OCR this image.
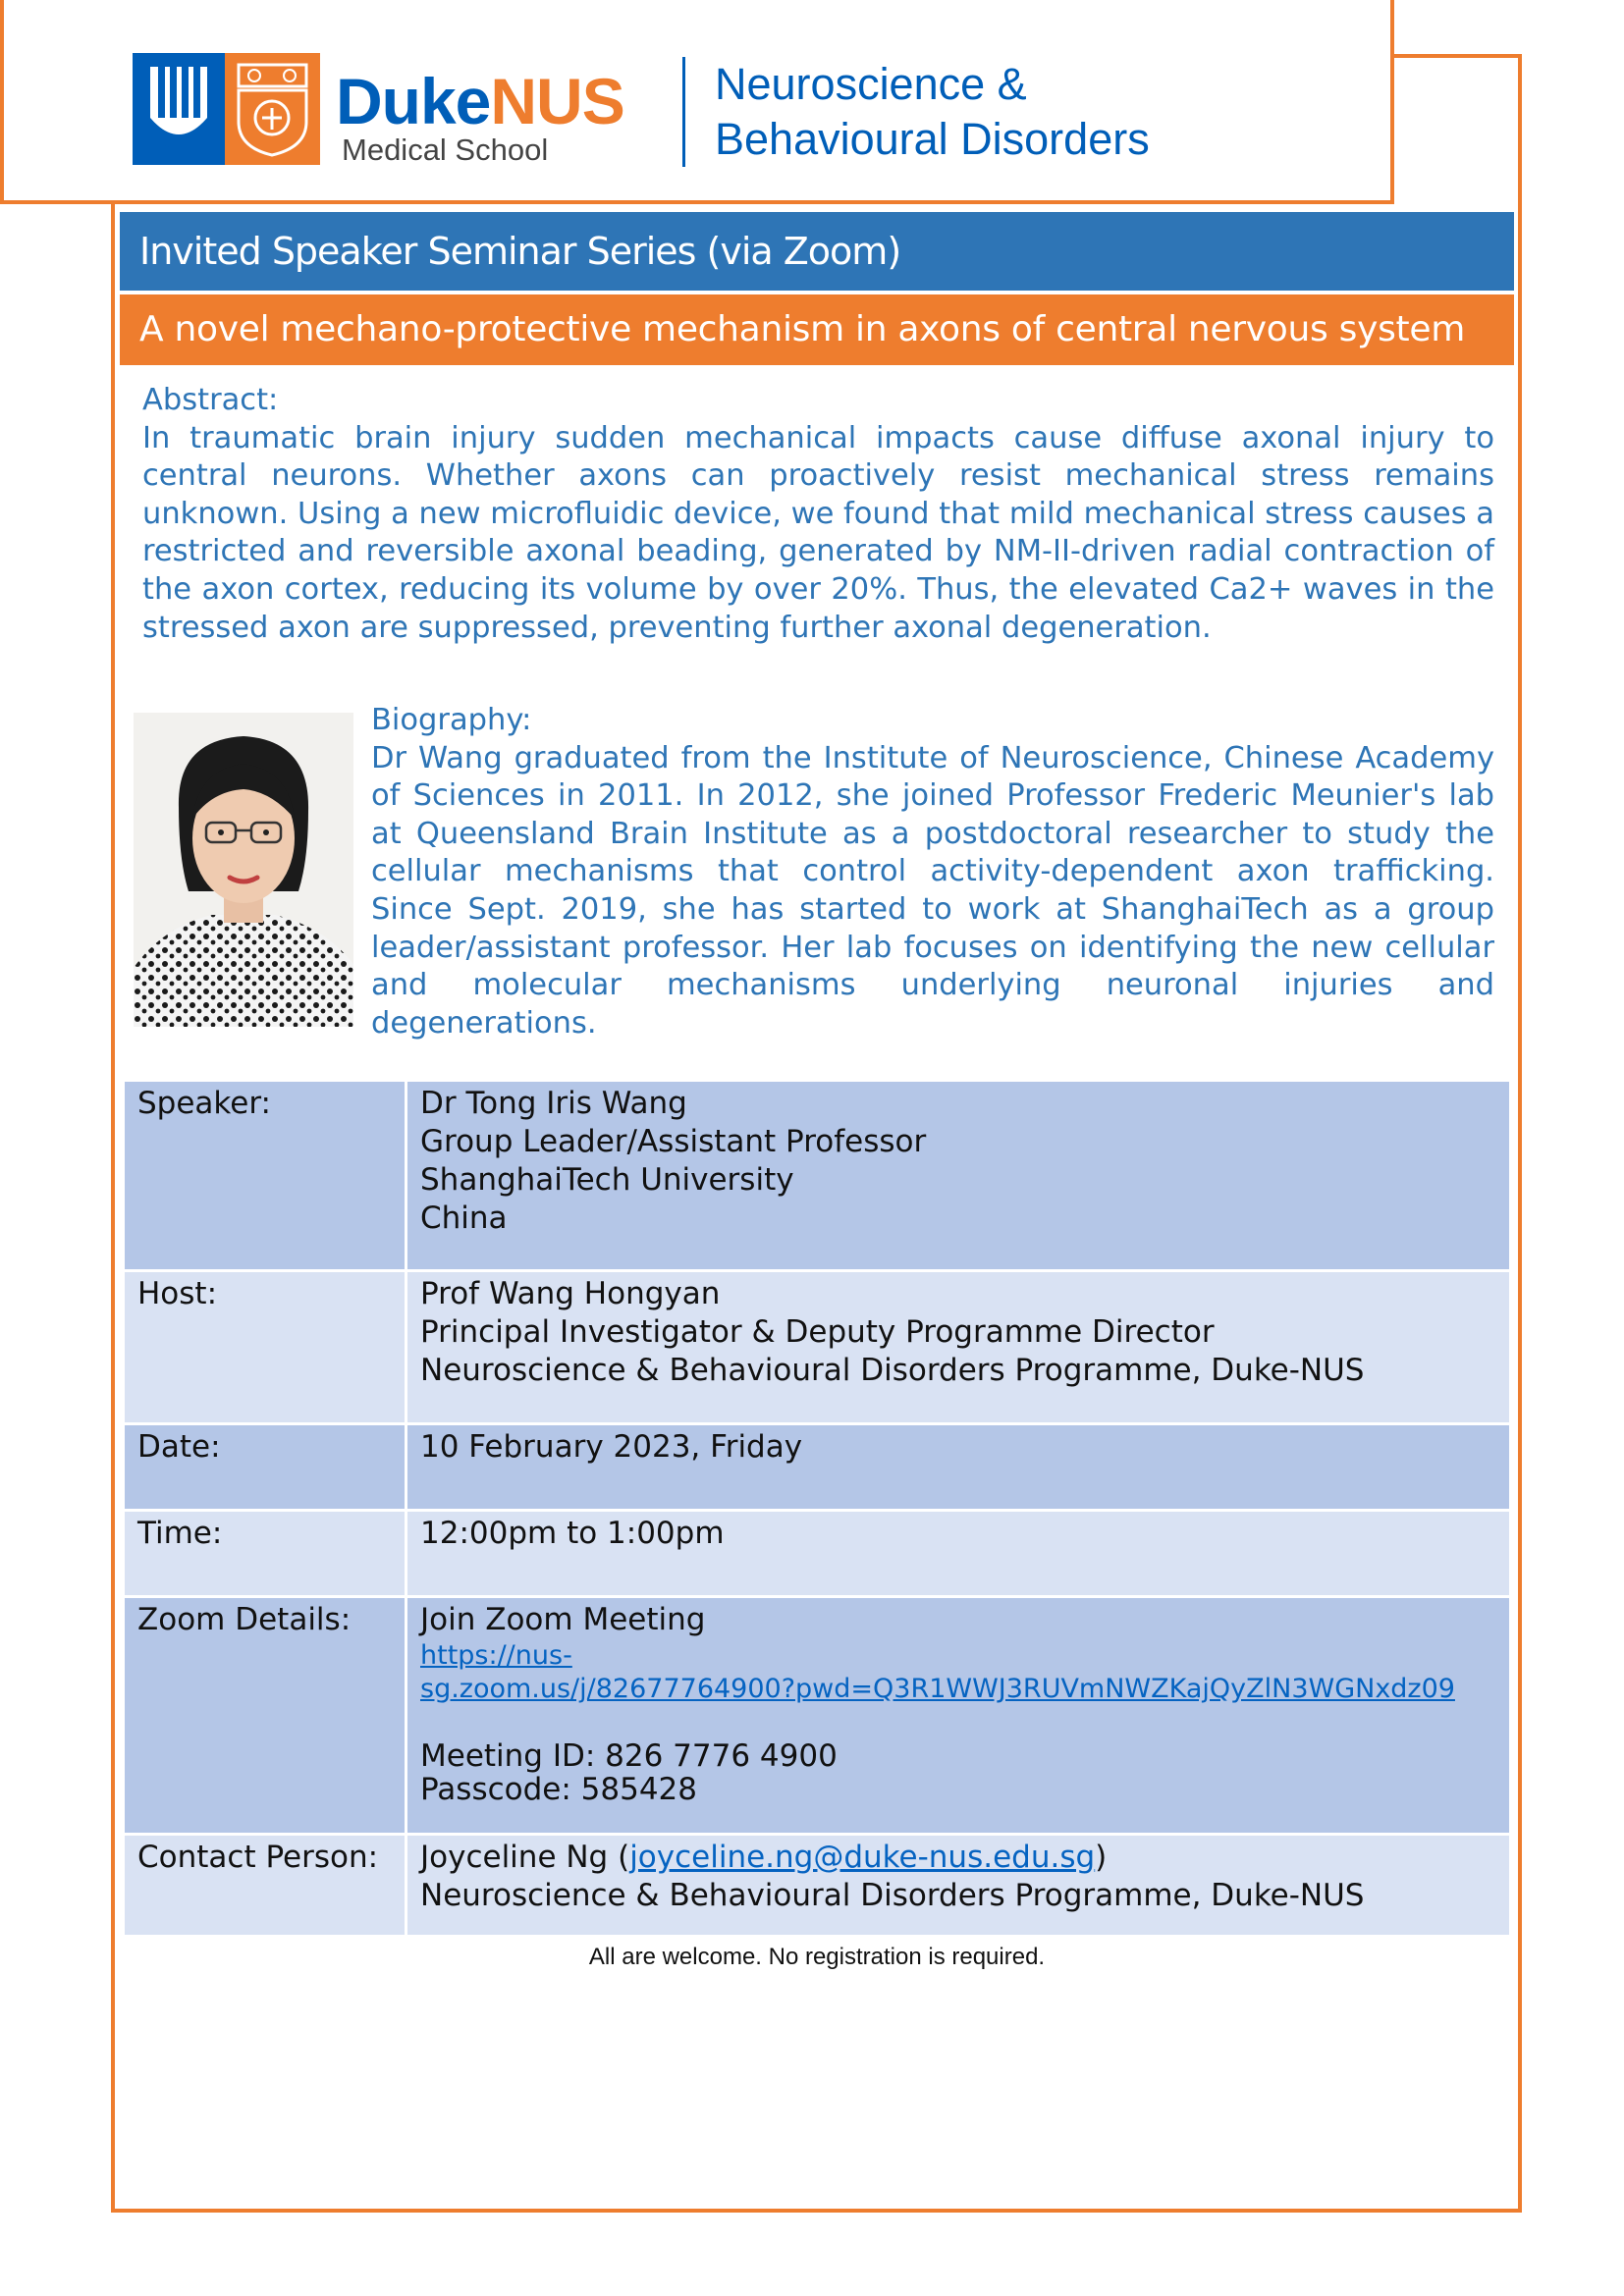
DukeNUS
Medical School
Neuroscience &
Behavioural Disorders
Invited Speaker Seminar Series (via Zoom)
A novel mechano-protective mechanism in axons of central nervous system
Abstract:
In traumatic brain injury sudden mechanical impacts cause diffuse axonal injury to central neurons. Whether axons can proactively resist mechanical stress remains unknown. Using a new microfluidic device, we found that mild mechanical stress causes a restricted and reversible axonal beading, generated by NM-II-driven radial contraction of the axon cortex, reducing its volume by over 20%. Thus, the elevated Ca2+ waves in the stressed axon are suppressed, preventing further axonal degeneration.
Biography:
Dr Wang graduated from the Institute of Neuroscience, Chinese Academy of Sciences in 2011. In 2012, she joined Professor Frederic Meunier's lab at Queensland Brain Institute as a postdoctoral researcher to study the cellular mechanisms that control activity-dependent axon trafficking. Since Sept. 2019, she has started to work at ShanghaiTech as a group leader/assistant professor. Her lab focuses on identifying the new cellular and molecular mechanisms underlying neuronal injuries and degenerations.
Speaker:	Dr Tong Iris Wang
Group Leader/Assistant Professor
ShanghaiTech University
China

Host:	Prof Wang Hongyan
Principal Investigator & Deputy Programme Director
Neuroscience & Behavioural Disorders Programme, Duke-NUS

Date:	10 February 2023, Friday
Time:	12:00pm to 1:00pm
Zoom Details:	Join Zoom Meeting
https://nus-
sg.zoom.us/j/82677764900?pwd=Q3R1WWJ3RUVmNWZKajQyZlN3WGNxdz09
Meeting ID: 826 7776 4900
Passcode: 585428

Contact Person:	Joyceline Ng (joyceline.ng@duke-nus.edu.sg)
Neuroscience & Behavioural Disorders Programme, Duke-NUS
All are welcome. No registration is required.
